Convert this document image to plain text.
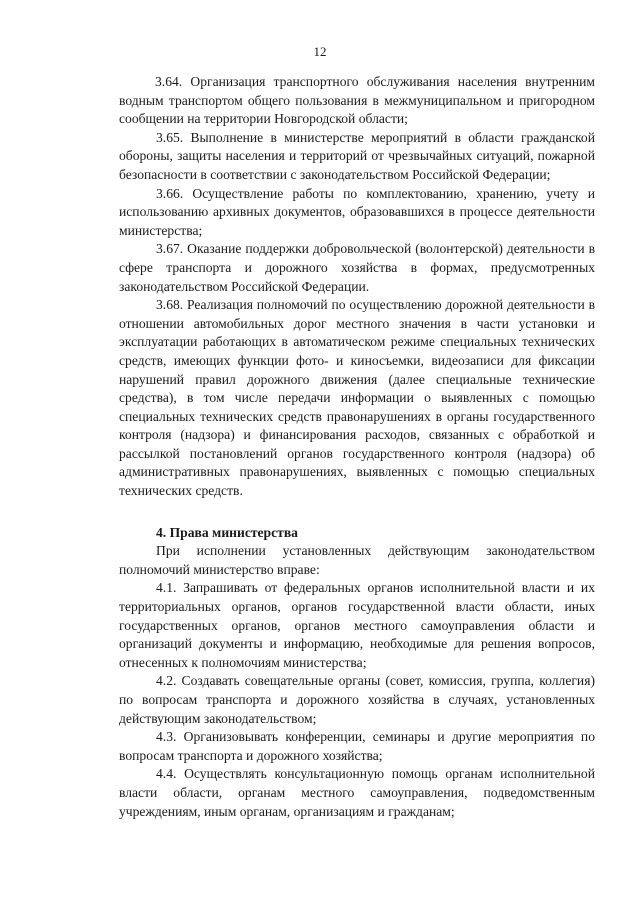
12

3.64. Организация транспортного обслуживания населения внутренним водным транспортом общего пользования в межмуниципальном и пригородном сообщении на территории Новгородской области;

3.65. Выполнение в министерстве мероприятий в области гражданской обороны, защиты населения и территорий от чрезвычайных ситуаций, пожарной безопасности в соответствии с законодательством Российской Федерации;

3.66. Осуществление работы по комплектованию, хранению, учету и использованию архивных документов, образовавшихся в процессе деятельности министерства;

3.67. Оказание поддержки добровольческой (волонтерской) деятельности в сфере транспорта и дорожного хозяйства в формах, предусмотренных законодательством Российской Федерации.

3.68. Реализация полномочий по осуществлению дорожной деятельности в отношении автомобильных дорог местного значения в части установки и эксплуатации работающих в автоматическом режиме специальных технических средств, имеющих функции фото- и киносъемки, видеозаписи для фиксации нарушений правил дорожного движения (далее специальные технические средства), в том числе передачи информации о выявленных с помощью специальных технических средств правонарушениях в органы государственного контроля (надзора) и финансирования расходов, связанных с обработкой и рассылкой постановлений органов государственного контроля (надзора) об административных правонарушениях, выявленных с помощью специальных технических средств.

4. Права министерства

При исполнении установленных действующим законодательством полномочий министерство вправе:

4.1. Запрашивать от федеральных органов исполнительной власти и их территориальных органов, органов государственной власти области, иных государственных органов, органов местного самоуправления области и организаций документы и информацию, необходимые для решения вопросов, отнесенных к полномочиям министерства;

4.2. Создавать совещательные органы (совет, комиссия, группа, коллегия) по вопросам транспорта и дорожного хозяйства в случаях, установленных действующим законодательством;

4.3. Организовывать конференции, семинары и другие мероприятия по вопросам транспорта и дорожного хозяйства;

4.4. Осуществлять консультационную помощь органам исполнительной власти области, органам местного самоуправления, подведомственным учреждениям, иным органам, организациям и гражданам;
